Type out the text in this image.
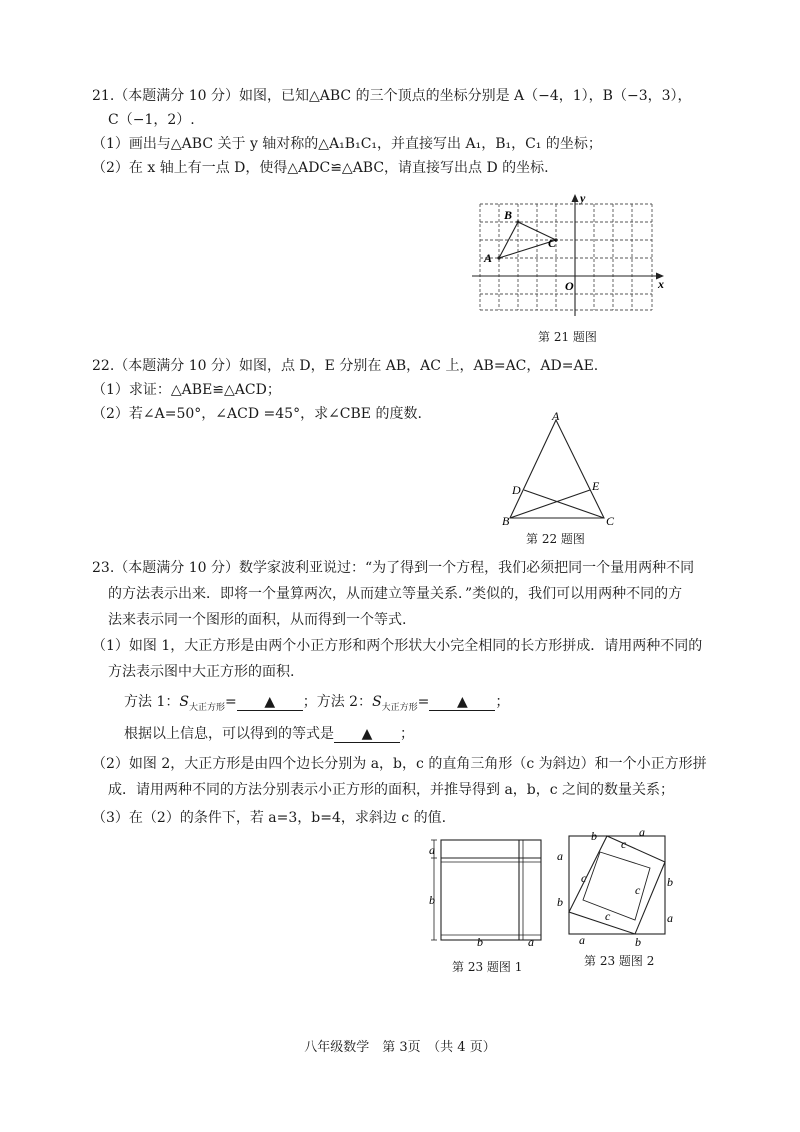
21.（本题满分 10 分）如图，已知△ABC 的三个顶点的坐标分别是 A（−4，1），B（−3，3），
C（−1，2）.
（1）画出与△ABC 关于 y 轴对称的△A₁B₁C₁，并直接写出 A₁，B₁，C₁ 的坐标；
（2）在 x 轴上有一点 D，使得△ADC≌△ABC，请直接写出点 D 的坐标.
A
B
C
O	x
y
第 21 题图
22.（本题满分 10 分）如图，点 D，E 分别在 AB，AC 上，AB=AC，AD=AE.
（1）求证：△ABE≌△ACD；
（2）若∠A=50°，∠ACD =45°，求∠CBE 的度数.	A
B	C
D	E
第 22 题图
23.（本题满分 10 分）数学家波利亚说过：“为了得到一个方程，我们必须把同一个量用两种不同
的方法表示出来．即将一个量算两次，从而建立等量关系．”类似的，我们可以用两种不同的方
法来表示同一个图形的面积，从而得到一个等式.
（1）如图 1，大正方形是由两个小正方形和两个形状大小完全相同的长方形拼成．请用两种不同的
方法表示图中大正方形的面积.
方法 1：$S_{大正方形}=$ ▲ ；方法 2：$S_{大正方形}=$ ▲ ；
根据以上信息，可以得到的等式是 ▲ ；
（2）如图 2，大正方形是由四个边长分别为 a，b，c 的直角三角形（c 为斜边）和一个小正方形拼
成．请用两种不同的方法分别表示小正方形的面积，并推导得到 a，b，c 之间的数量关系；
（3）在（2）的条件下，若 a=3，b=4，求斜边 c 的值.
a
b
b	a
第 23 题图 1
b	a
a
b
b
a
a	b
c
c
c
c
第 23 题图 2
八年级数学　第 3页　（共 4 页）
